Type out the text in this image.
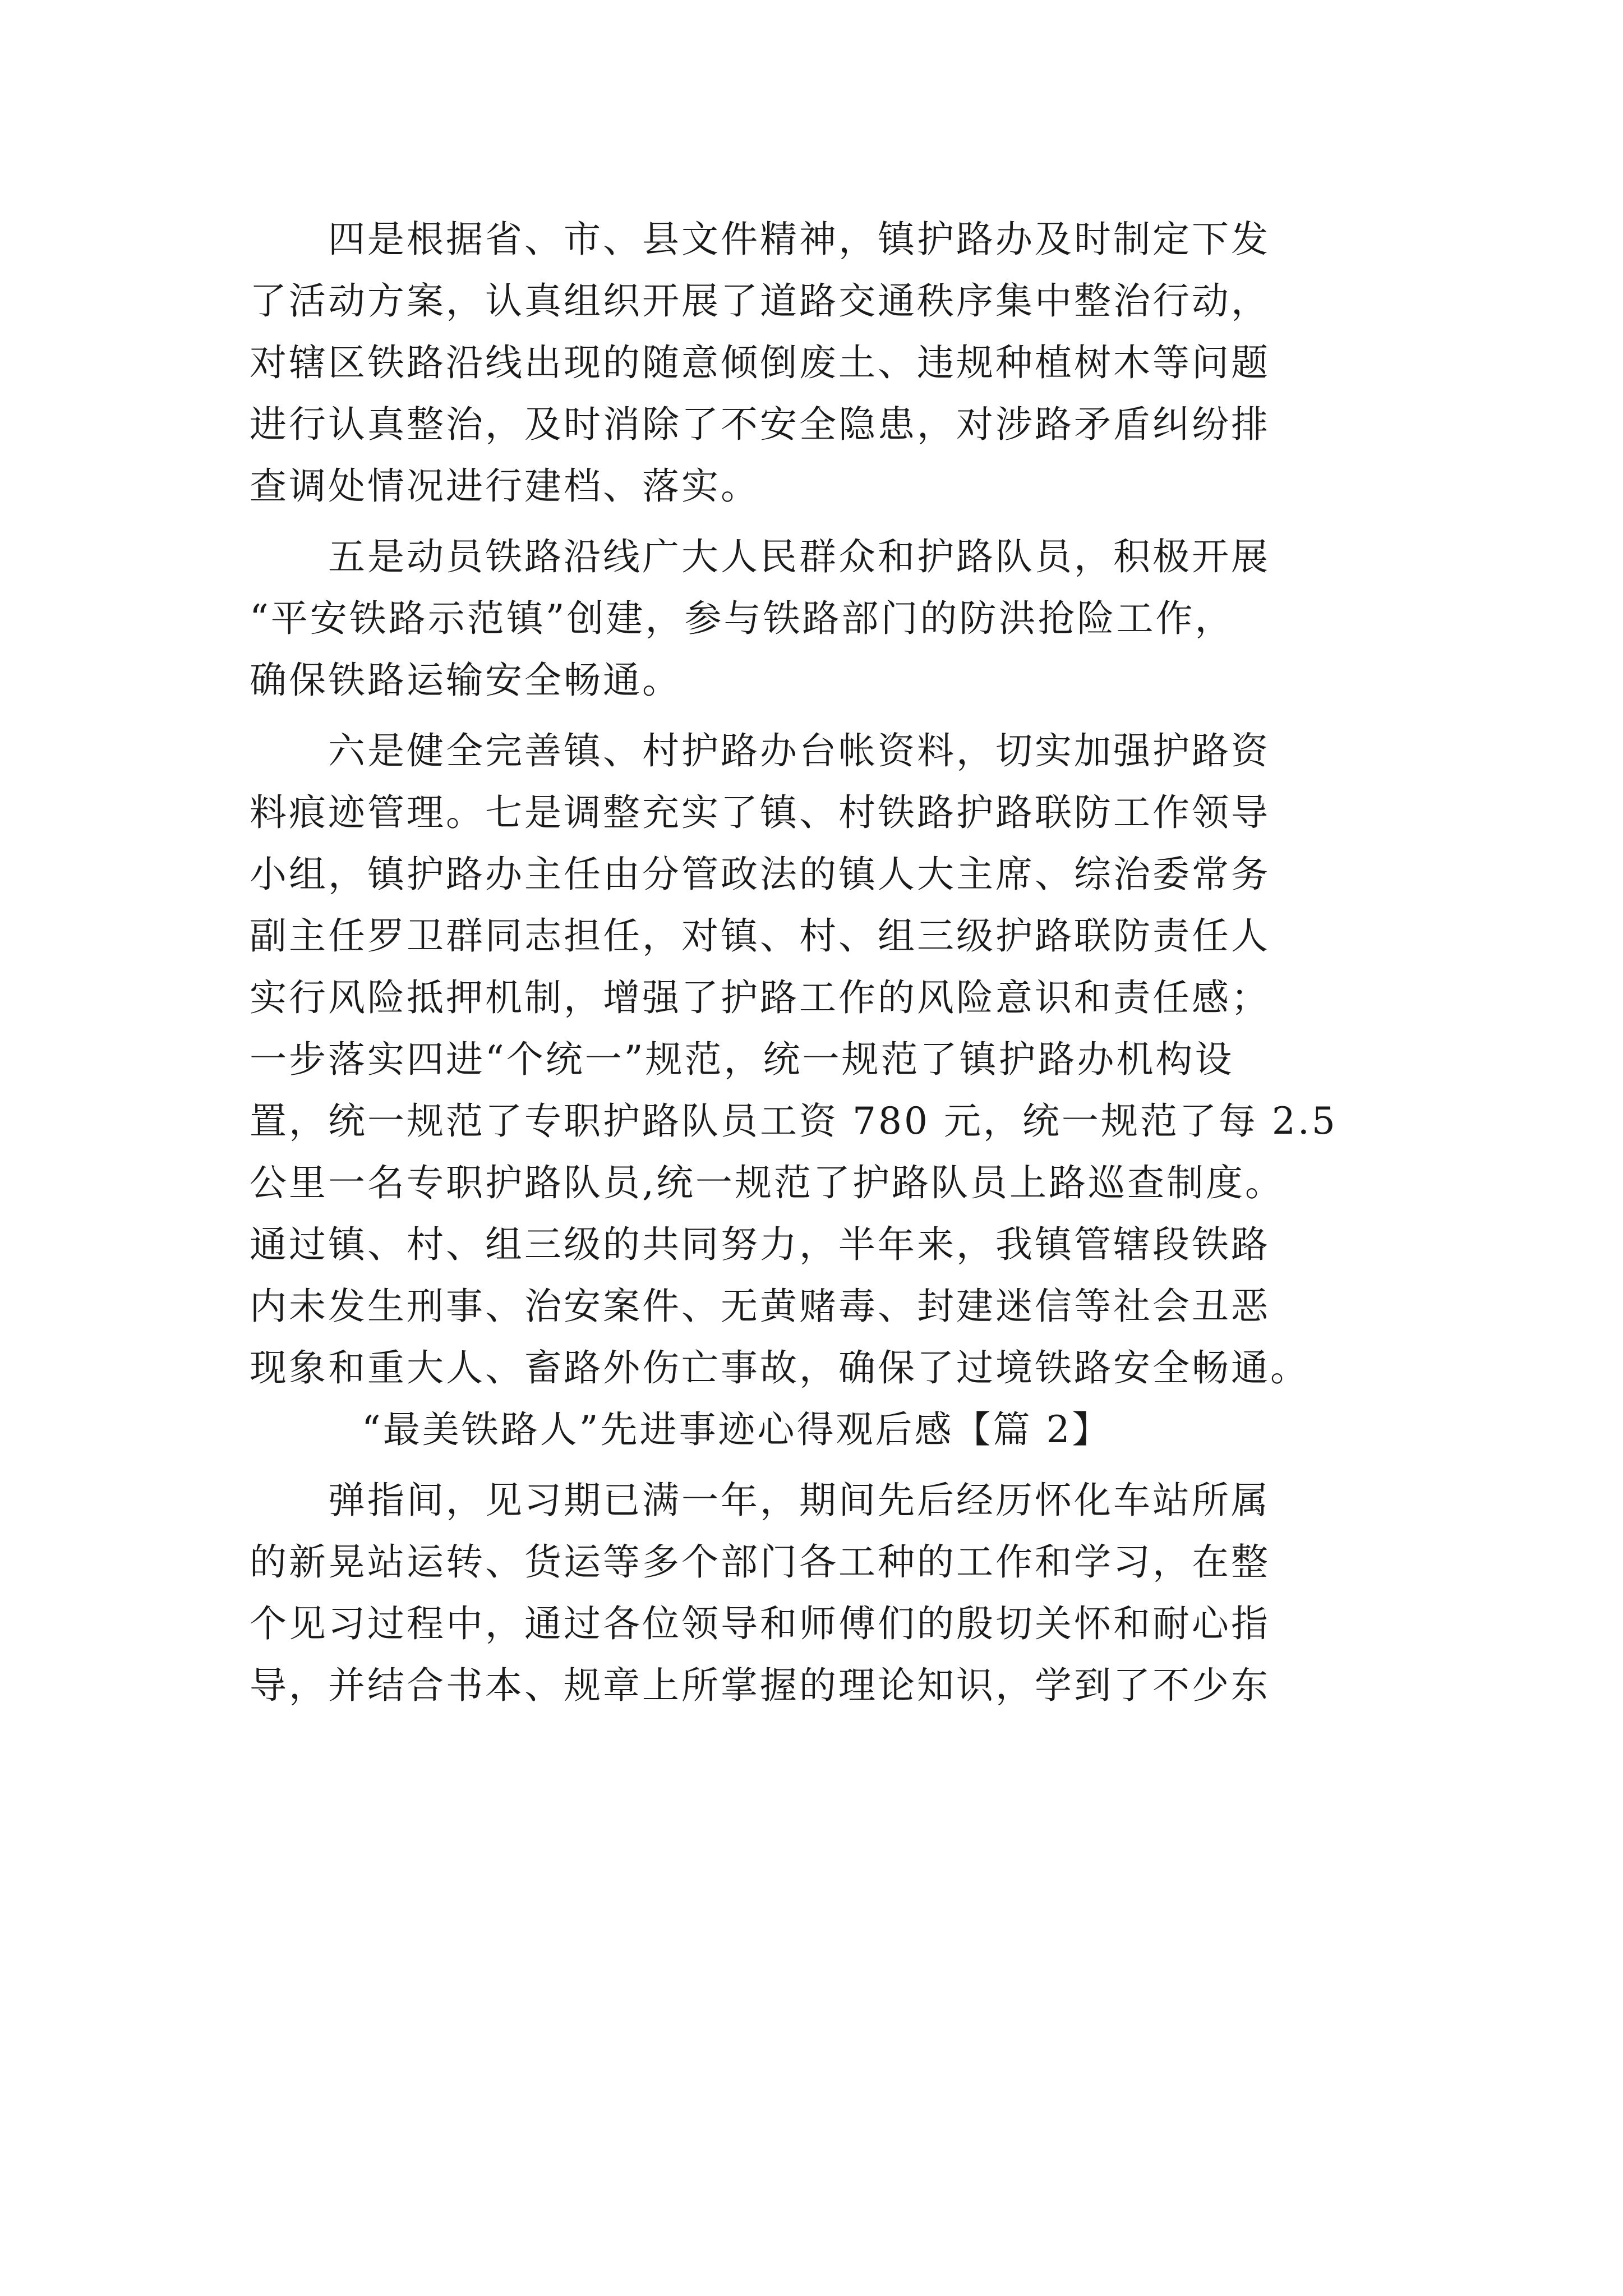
四是根据省、市、县文件精神，镇护路办及时制定下发
了活动方案，认真组织开展了道路交通秩序集中整治行动，
对辖区铁路沿线出现的随意倾倒废土、违规种植树木等问题
进行认真整治，及时消除了不安全隐患，对涉路矛盾纠纷排
查调处情况进行建档、落实。
五是动员铁路沿线广大人民群众和护路队员，积极开展
“平安铁路示范镇”创建，参与铁路部门的防洪抢险工作，
确保铁路运输安全畅通。
六是健全完善镇、村护路办台帐资料，切实加强护路资
料痕迹管理。七是调整充实了镇、村铁路护路联防工作领导
小组，镇护路办主任由分管政法的镇人大主席、综治委常务
副主任罗卫群同志担任，对镇、村、组三级护路联防责任人
实行风险抵押机制，增强了护路工作的风险意识和责任感；
一步落实四进“个统一”规范，统一规范了镇护路办机构设
置，统一规范了专职护路队员工资 780 元，统一规范了每 2.5
公里一名专职护路队员,统一规范了护路队员上路巡查制度。
通过镇、村、组三级的共同努力，半年来，我镇管辖段铁路
内未发生刑事、治安案件、无黄赌毒、封建迷信等社会丑恶
现象和重大人、畜路外伤亡事故，确保了过境铁路安全畅通。
“最美铁路人”先进事迹心得观后感【篇 2】
弹指间，见习期已满一年，期间先后经历怀化车站所属
的新晃站运转、货运等多个部门各工种的工作和学习，在整
个见习过程中，通过各位领导和师傅们的殷切关怀和耐心指
导，并结合书本、规章上所掌握的理论知识，学到了不少东
